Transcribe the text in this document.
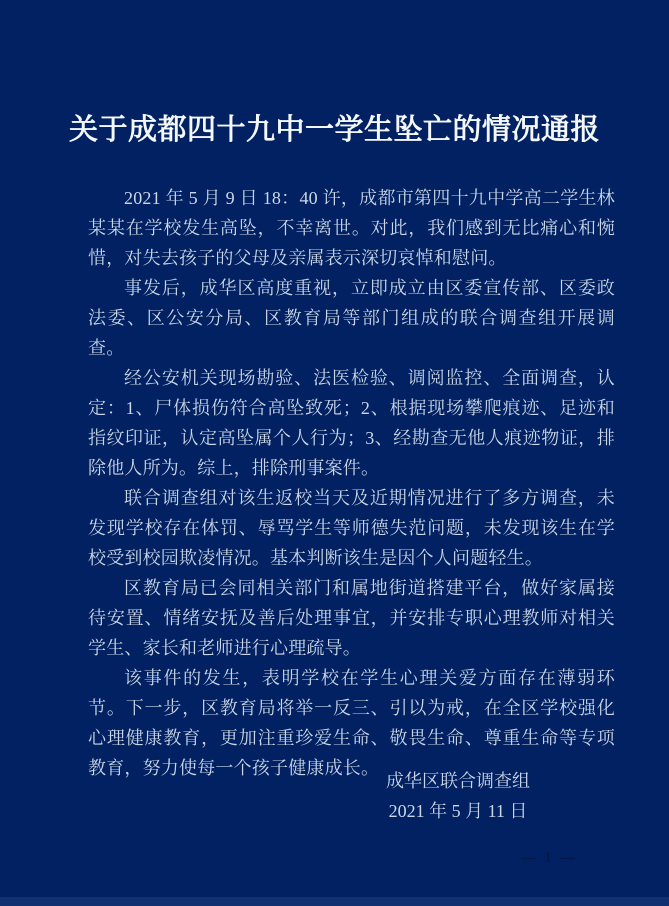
关于成都四十九中一学生坠亡的情况通报

2021 年 5 月 9 日 18：40 许，成都市第四十九中学高二学生林某某在学校发生高坠，不幸离世。对此，我们感到无比痛心和惋惜，对失去孩子的父母及亲属表示深切哀悼和慰问。

事发后，成华区高度重视，立即成立由区委宣传部、区委政法委、区公安分局、区教育局等部门组成的联合调查组开展调查。

经公安机关现场勘验、法医检验、调阅监控、全面调查，认定：1、尸体损伤符合高坠致死；2、根据现场攀爬痕迹、足迹和指纹印证，认定高坠属个人行为；3、经勘查无他人痕迹物证，排除他人所为。综上，排除刑事案件。

联合调查组对该生返校当天及近期情况进行了多方调查，未发现学校存在体罚、辱骂学生等师德失范问题，未发现该生在学校受到校园欺凌情况。基本判断该生是因个人问题轻生。

区教育局已会同相关部门和属地街道搭建平台，做好家属接待安置、情绪安抚及善后处理事宜，并安排专职心理教师对相关学生、家长和老师进行心理疏导。

该事件的发生，表明学校在学生心理关爱方面存在薄弱环节。下一步，区教育局将举一反三、引以为戒，在全区学校强化心理健康教育，更加注重珍爱生命、敬畏生命、尊重生命等专项教育，努力使每一个孩子健康成长。

成华区联合调查组
2021 年 5 月 11 日
— 1 —
